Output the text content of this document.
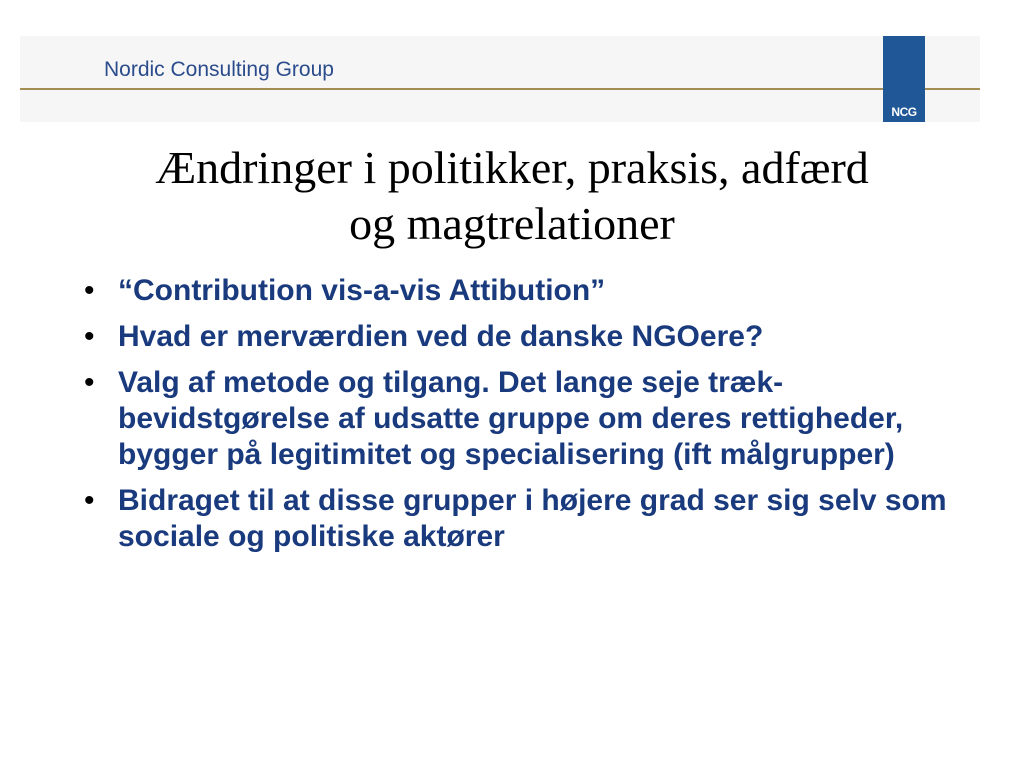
Nordic Consulting Group
NCG
Ændringer i politikker, praksis, adfærd
og magtrelationer
• “Contribution vis-a-vis Attibution”
• Hvad er merværdien ved de danske NGOere?
• Valg af metode og tilgang. Det lange seje træk- bevidstgørelse af udsatte gruppe om deres rettigheder, bygger på legitimitet og specialisering (ift målgrupper)
• Bidraget til at disse grupper i højere grad ser sig selv som sociale og politiske aktører
